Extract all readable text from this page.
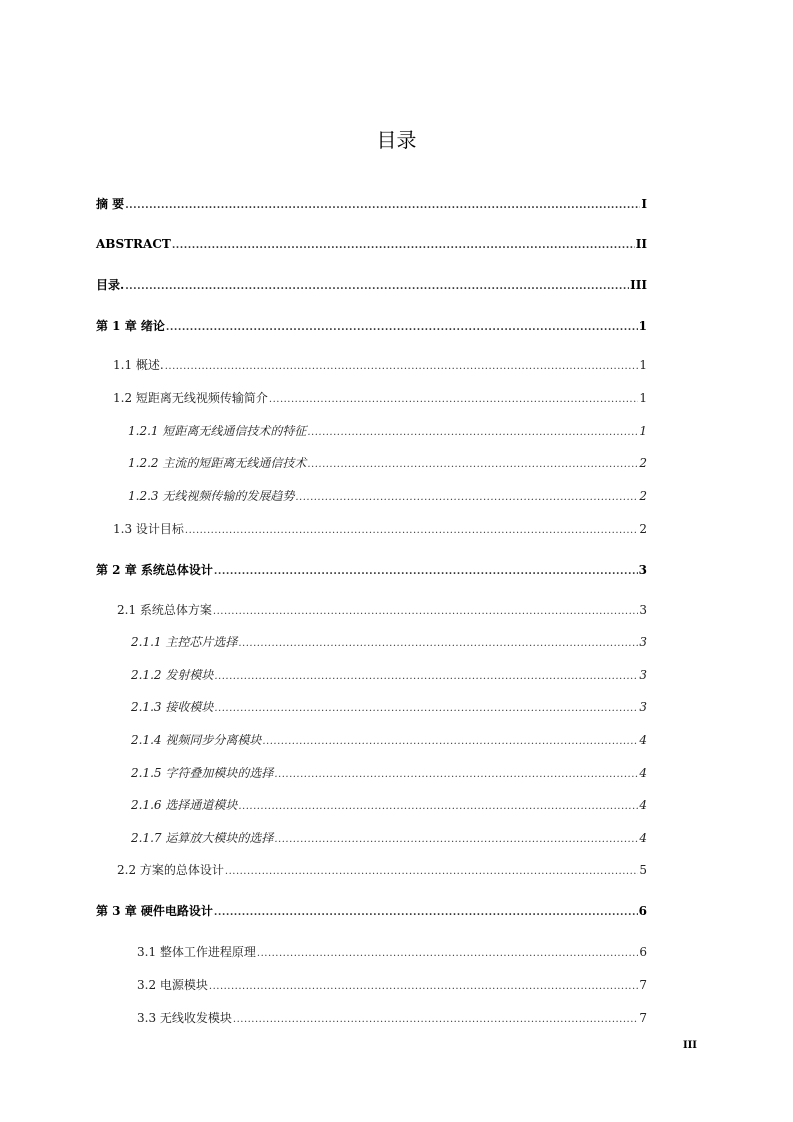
目录
摘 要 .....	I
ABSTRACT .....	II
目录. .....	III
第 1 章 绪论 .....	1
1.1 概述. .....	1
1.2 短距离无线视频传输简介 .....	1
1.2.1 短距离无线通信技术的特征 .....	1
1.2.2 主流的短距离无线通信技术 .....	2
1.2.3 无线视频传输的发展趋势 .....	2
1.3 设计目标 .....	2
第 2 章 系统总体设计 .....	3
2.1 系统总体方案 .....	3
2.1.1 主控芯片选择 .....	3
2.1.2 发射模块 .....	3
2.1.3 接收模块 .....	3
2.1.4 视频同步分离模块 .....	4
2.1.5 字符叠加模块的选择 .....	4
2.1.6 选择通道模块 .....	4
2.1.7 运算放大模块的选择 .....	4
2.2 方案的总体设计 .....	5
第 3 章 硬件电路设计 .....	6
3.1 整体工作进程原理 .....	6
3.2 电源模块 .....	7
3.3 无线收发模块 .....	7
III
